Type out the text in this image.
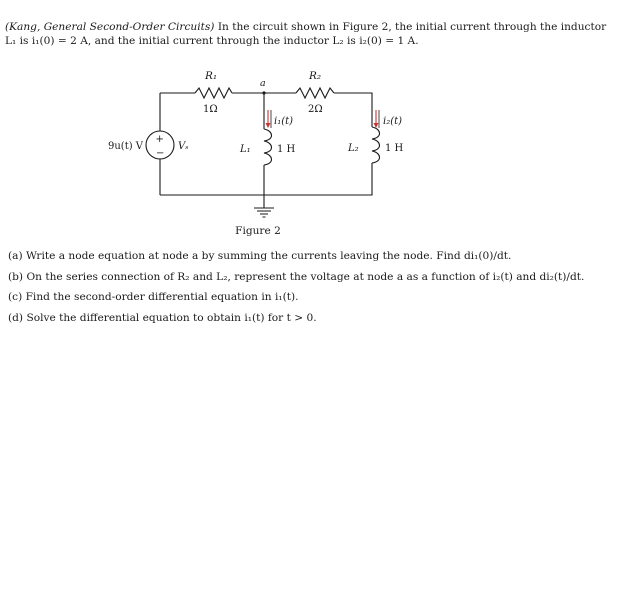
(Kang, General Second-Order Circuits) In the circuit shown in Figure 2, the initial current through the inductor L₁ is i₁(0) = 2 A, and the initial current through the inductor L₂ is i₂(0) = 1 A.

R₁
1Ω
R₂
2Ω
a
9u(t) V
+
−
Vₛ	L₁	1 H
i₁(t)
L₂	1 H
i₂(t)

Figure 2

(a) Write a node equation at node a by summing the currents leaving the node. Find di₁(0)/dt.
(b) On the series connection of R₂ and L₂, represent the voltage at node a as a function of i₂(t) and di₂(t)/dt.
(c) Find the second-order differential equation in i₁(t).
(d) Solve the differential equation to obtain i₁(t) for t > 0.
